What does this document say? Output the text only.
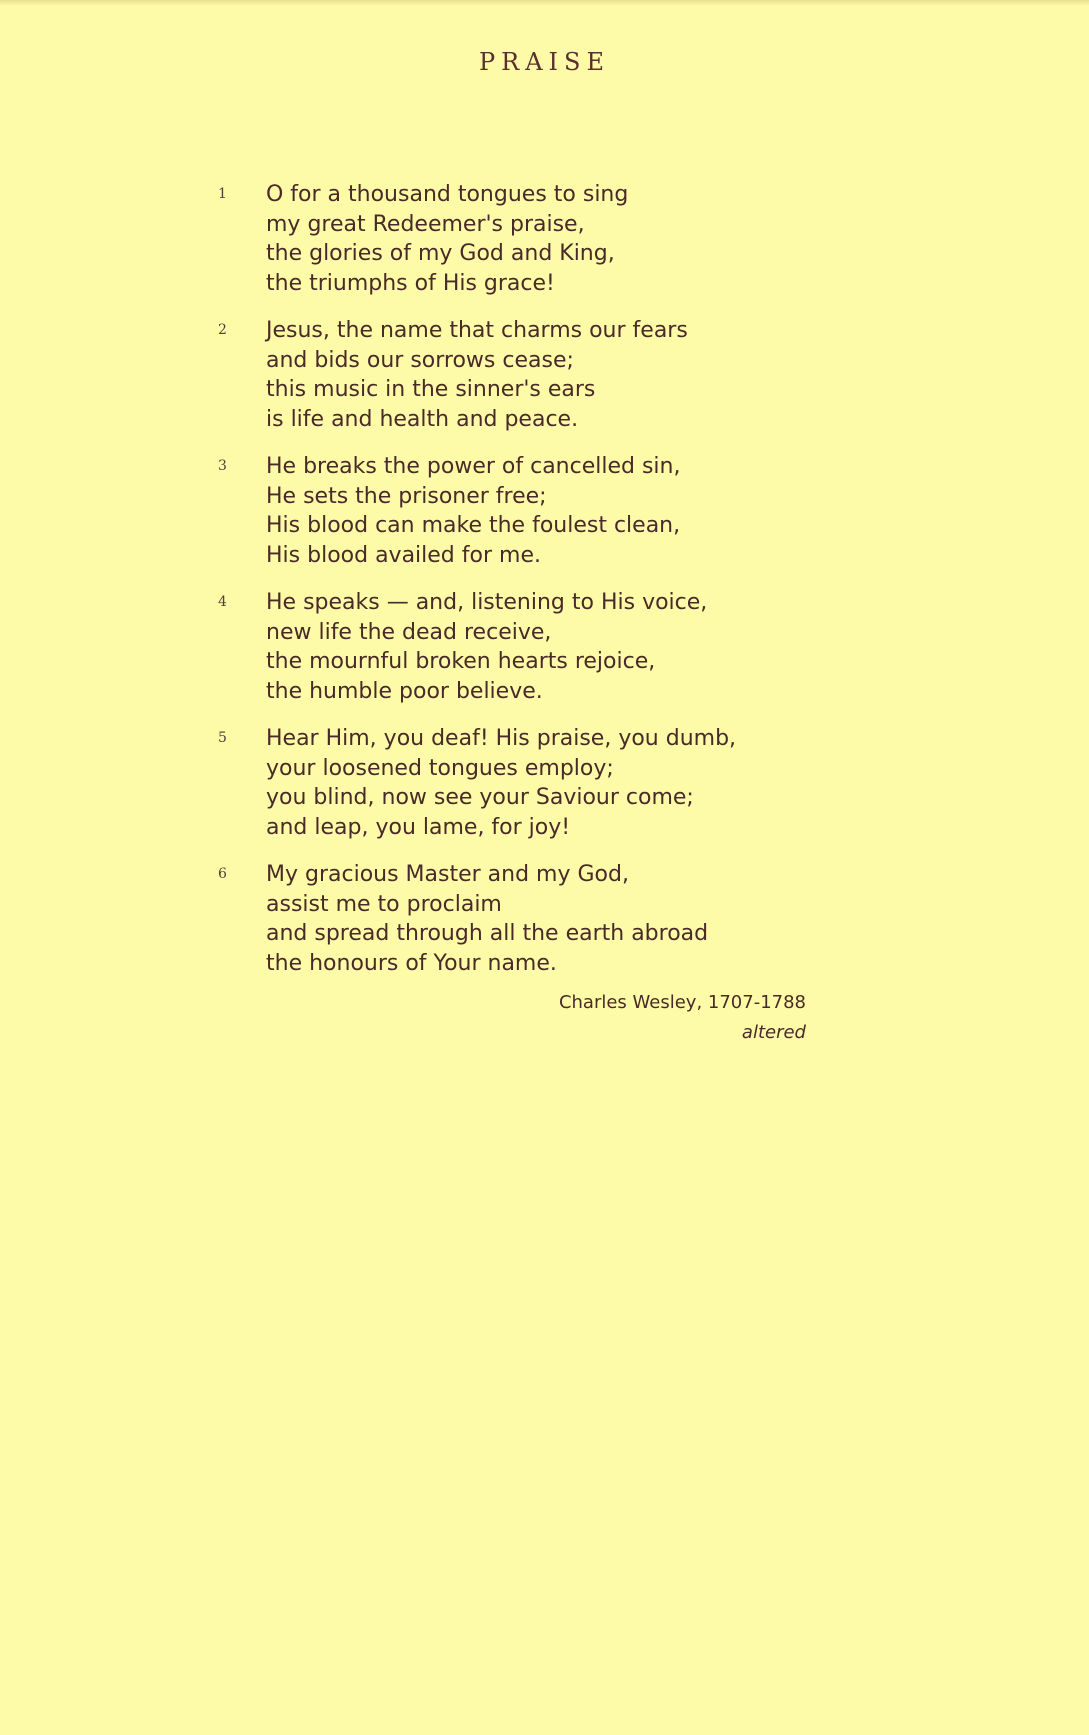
PRAISE
1 O for a thousand tongues to sing
my great Redeemer's praise,
the glories of my God and King,
the triumphs of His grace!
2 Jesus, the name that charms our fears
and bids our sorrows cease;
this music in the sinner's ears
is life and health and peace.
3 He breaks the power of cancelled sin,
He sets the prisoner free;
His blood can make the foulest clean,
His blood availed for me.
4 He speaks — and, listening to His voice,
new life the dead receive,
the mournful broken hearts rejoice,
the humble poor believe.
5 Hear Him, you deaf! His praise, you dumb,
your loosened tongues employ;
you blind, now see your Saviour come;
and leap, you lame, for joy!
6 My gracious Master and my God,
assist me to proclaim
and spread through all the earth abroad
the honours of Your name.
Charles Wesley, 1707-1788
altered
